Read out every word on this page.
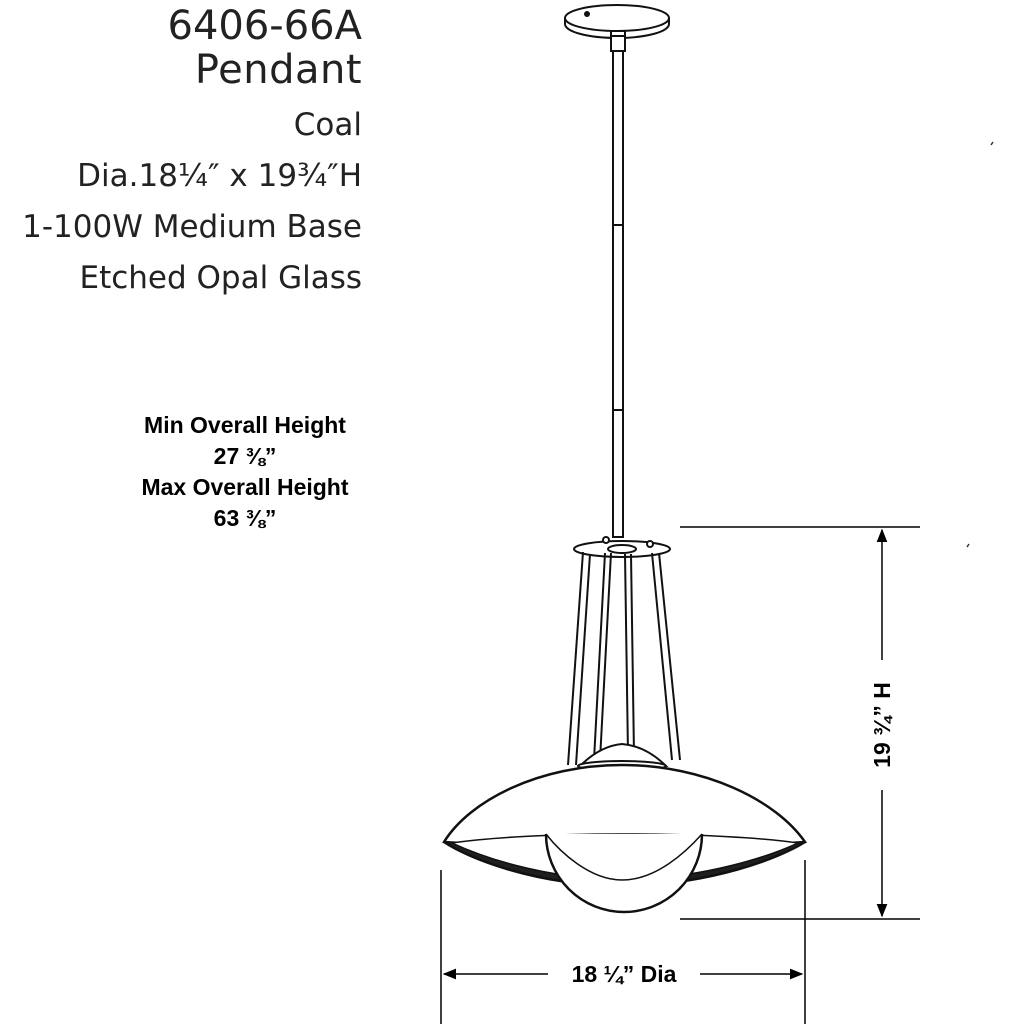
6406-66A
Pendant
Coal
Dia.18¼″ x 19¾″H
1-100W Medium Base
Etched Opal Glass
Min Overall Height
27 ⅜”
Max Overall Height
63 ⅜”
18 ¼” Dia
19 ¾” H
